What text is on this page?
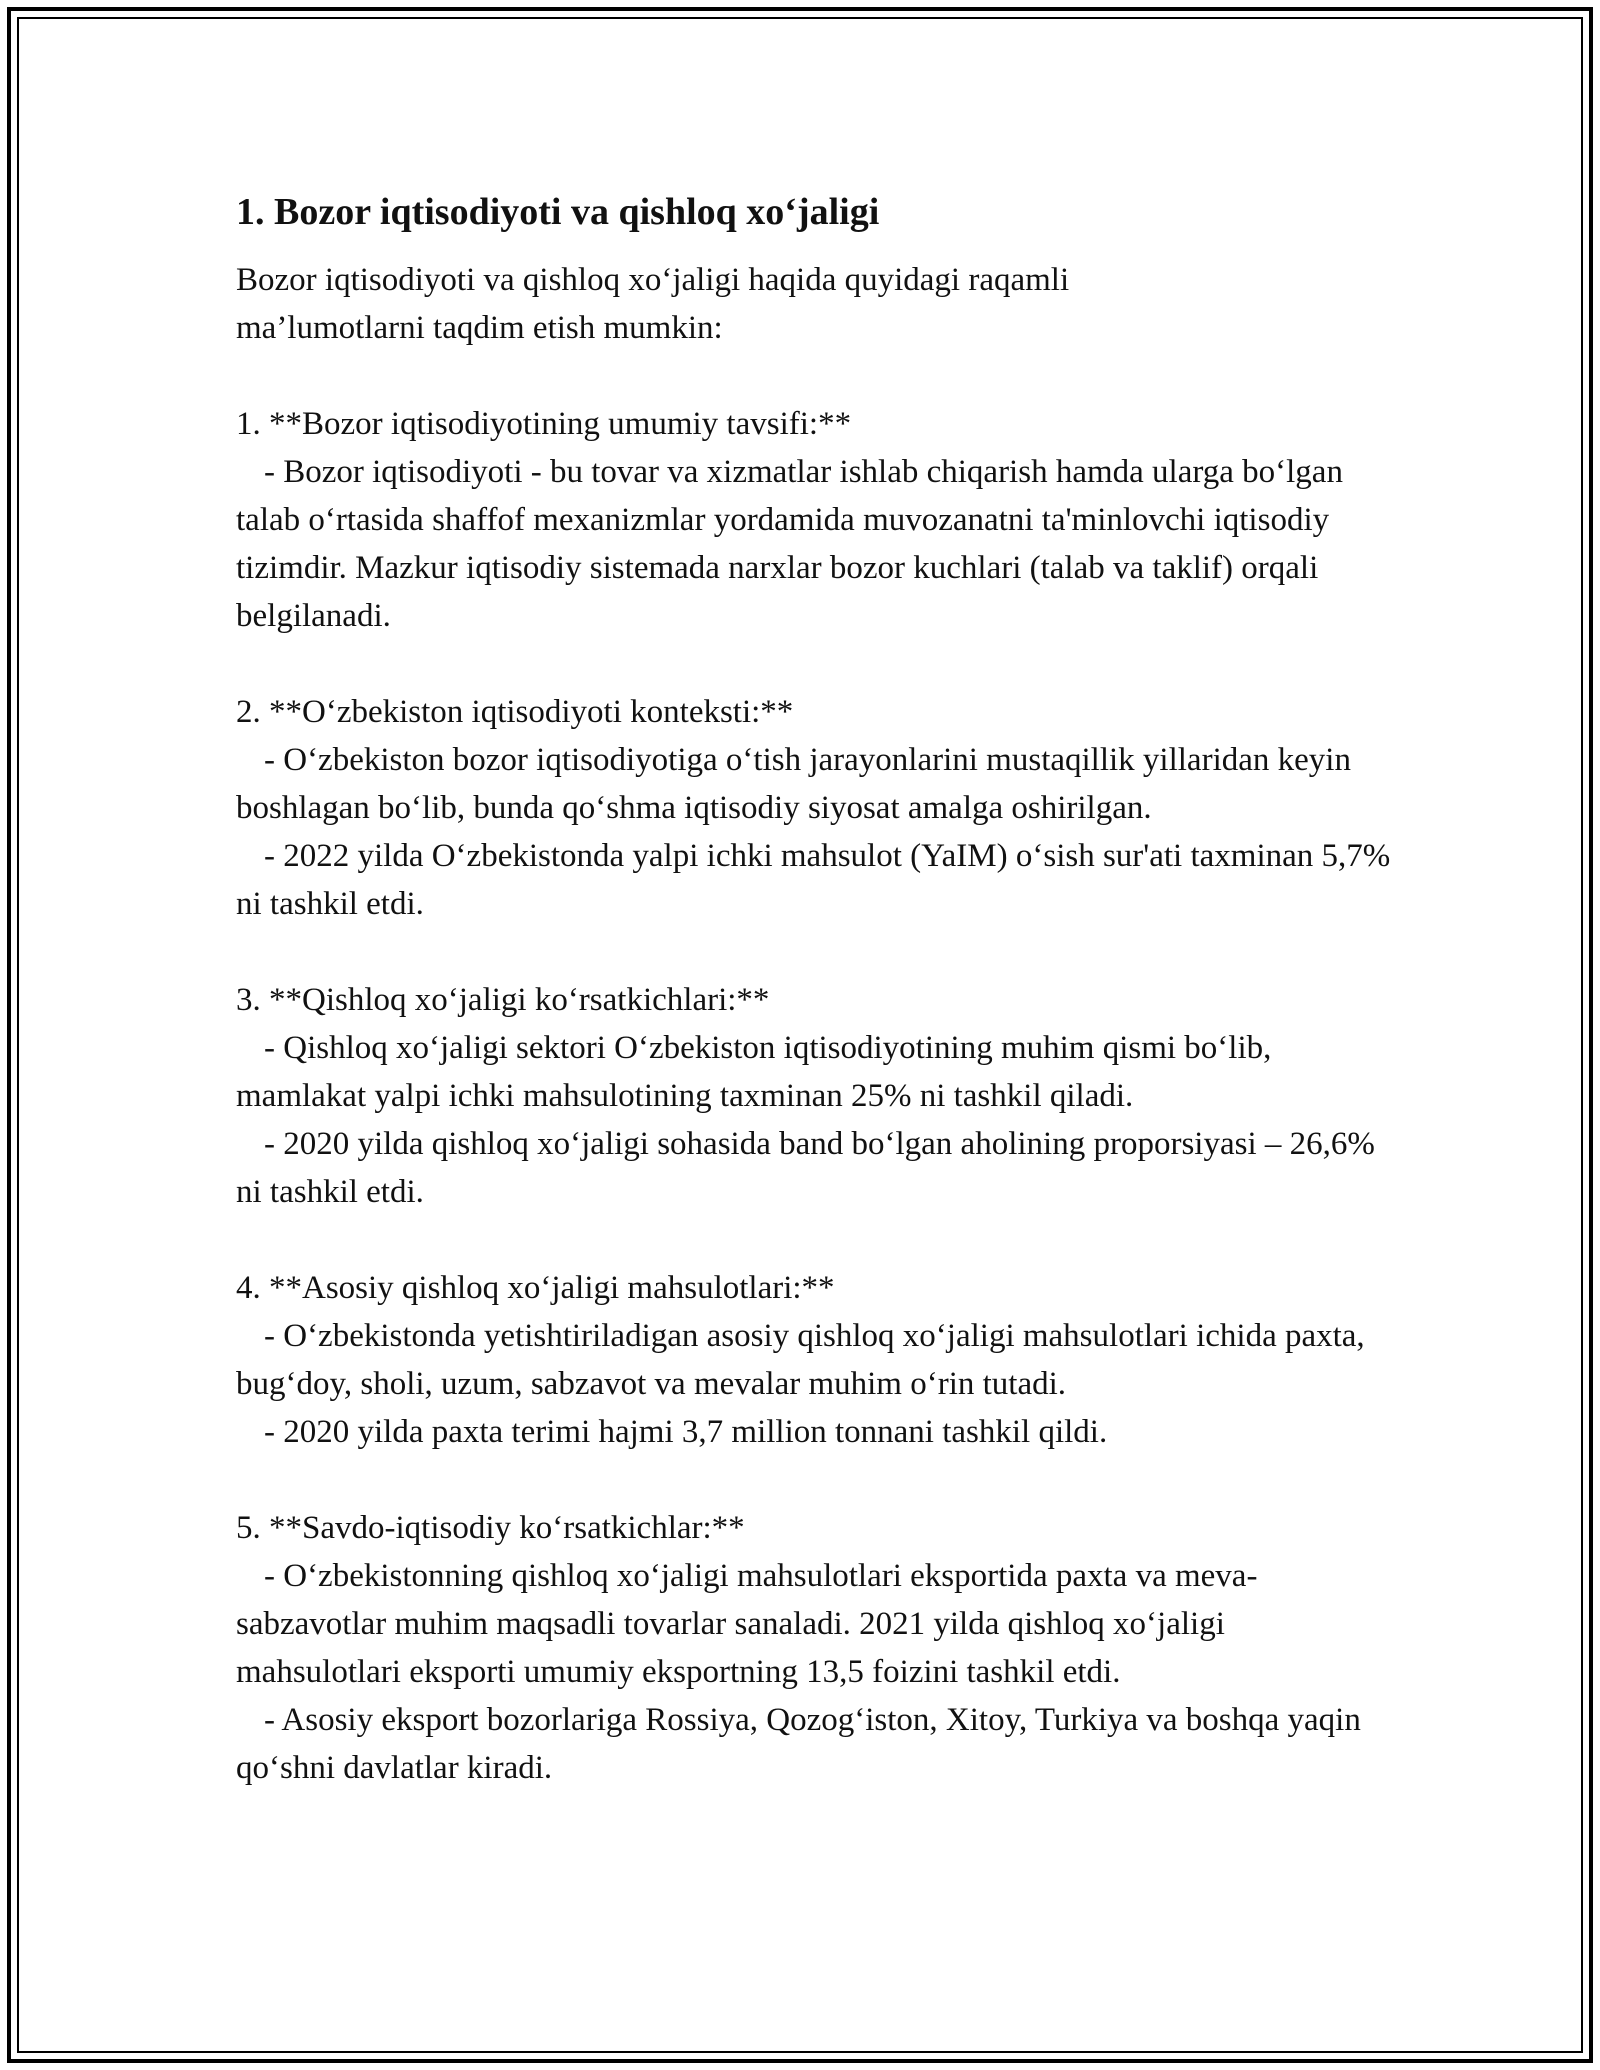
1. Bozor iqtisodiyoti va qishloq xo‘jaligi

Bozor iqtisodiyoti va qishloq xo‘jaligi haqida quyidagi raqamli ma’lumotlarni taqdim etish mumkin:

1. **Bozor iqtisodiyotining umumiy tavsifi:**

- Bozor iqtisodiyoti - bu tovar va xizmatlar ishlab chiqarish hamda ularga bo‘lgan talab o‘rtasida shaffof mexanizmlar yordamida muvozanatni ta'minlovchi iqtisodiy tizimdir. Mazkur iqtisodiy sistemada narxlar bozor kuchlari (talab va taklif) orqali belgilanadi.

2. **O‘zbekiston iqtisodiyoti konteksti:**

- O‘zbekiston bozor iqtisodiyotiga o‘tish jarayonlarini mustaqillik yillaridan keyin boshlagan bo‘lib, bunda qo‘shma iqtisodiy siyosat amalga oshirilgan.

- 2022 yilda O‘zbekistonda yalpi ichki mahsulot (YaIM) o‘sish sur'ati taxminan 5,7% ni tashkil etdi.

3. **Qishloq xo‘jaligi ko‘rsatkichlari:**

- Qishloq xo‘jaligi sektori O‘zbekiston iqtisodiyotining muhim qismi bo‘lib, mamlakat yalpi ichki mahsulotining taxminan 25% ni tashkil qiladi.

- 2020 yilda qishloq xo‘jaligi sohasida band bo‘lgan aholining proporsiyasi – 26,6% ni tashkil etdi.

4. **Asosiy qishloq xo‘jaligi mahsulotlari:**

- O‘zbekistonda yetishtiriladigan asosiy qishloq xo‘jaligi mahsulotlari ichida paxta, bug‘doy, sholi, uzum, sabzavot va mevalar muhim o‘rin tutadi.

- 2020 yilda paxta terimi hajmi 3,7 million tonnani tashkil qildi.

5. **Savdo-iqtisodiy ko‘rsatkichlar:**

- O‘zbekistonning qishloq xo‘jaligi mahsulotlari eksportida paxta va meva-sabzavotlar muhim maqsadli tovarlar sanaladi. 2021 yilda qishloq xo‘jaligi mahsulotlari eksporti umumiy eksportning 13,5 foizini tashkil etdi.

- Asosiy eksport bozorlariga Rossiya, Qozog‘iston, Xitoy, Turkiya va boshqa yaqin qo‘shni davlatlar kiradi.
